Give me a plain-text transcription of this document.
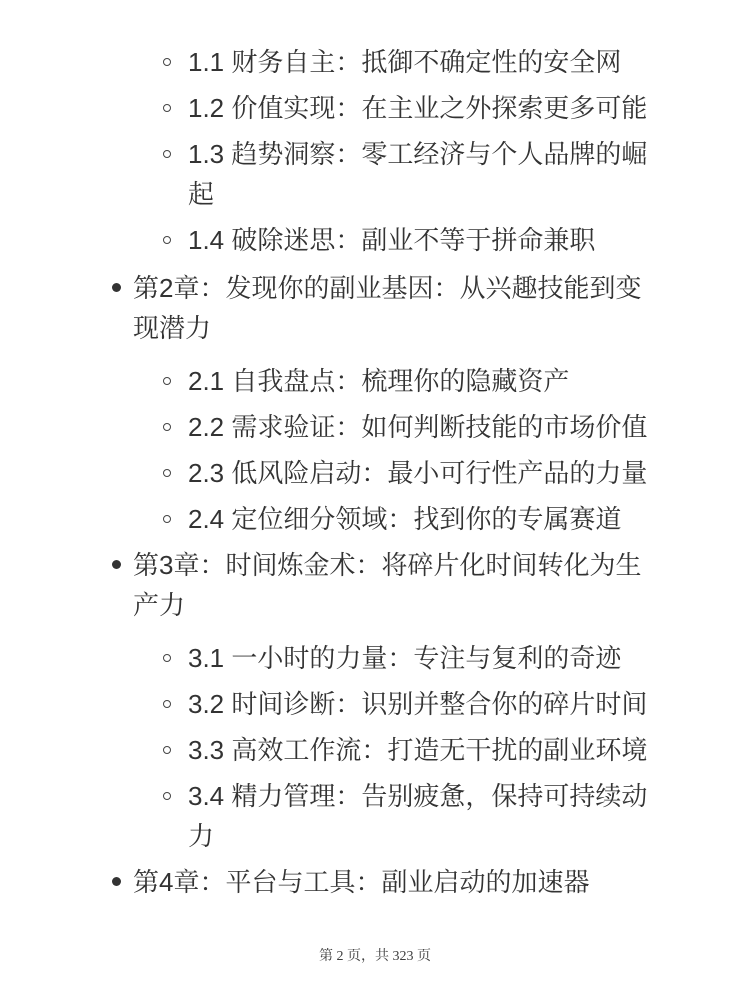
1.1 财务自主：抵御不确定性的安全网
1.2 价值实现：在主业之外探索更多可能
1.3 趋势洞察：零工经济与个人品牌的崛起
1.4 破除迷思：副业不等于拼命兼职
第2章：发现你的副业基因：从兴趣技能到变现潜力
2.1 自我盘点：梳理你的隐藏资产
2.2 需求验证：如何判断技能的市场价值
2.3 低风险启动：最小可行性产品的力量
2.4 定位细分领域：找到你的专属赛道
第3章：时间炼金术：将碎片化时间转化为生产力
3.1 一小时的力量：专注与复利的奇迹
3.2 时间诊断：识别并整合你的碎片时间
3.3 高效工作流：打造无干扰的副业环境
3.4 精力管理：告别疲惫，保持可持续动力
第4章：平台与工具：副业启动的加速器
第 2 页，共 323 页
